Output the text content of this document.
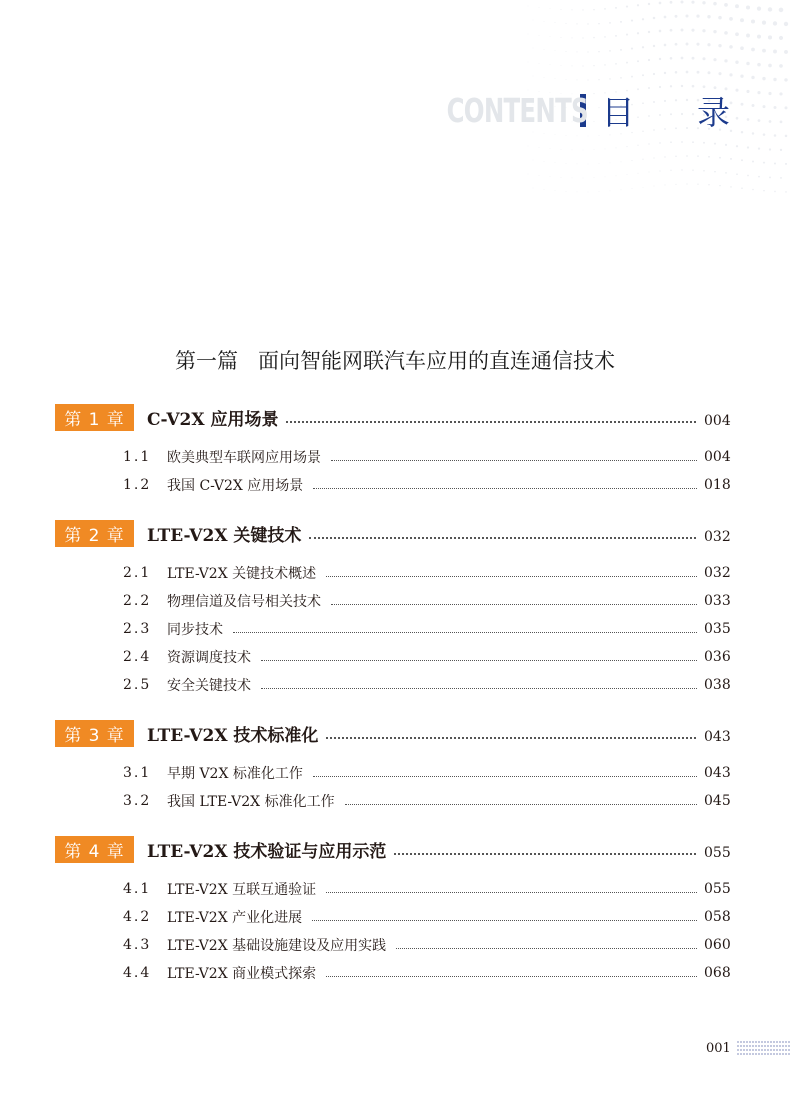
CONTENTS 目 录
第一篇 面向智能网联汽车应用的直连通信技术
第 1 章	C-V2X 应用场景	004
1.1	欧美典型车联网应用场景	004
1.2	我国 C-V2X 应用场景	018
第 2 章	LTE-V2X 关键技术	032
2.1	LTE-V2X 关键技术概述	032
2.2	物理信道及信号相关技术	033
2.3	同步技术	035
2.4	资源调度技术	036
2.5	安全关键技术	038
第 3 章	LTE-V2X 技术标准化	043
3.1	早期 V2X 标准化工作	043
3.2	我国 LTE-V2X 标准化工作	045
第 4 章	LTE-V2X 技术验证与应用示范	055
4.1	LTE-V2X 互联互通验证	055
4.2	LTE-V2X 产业化进展	058
4.3	LTE-V2X 基础设施建设及应用实践	060
4.4	LTE-V2X 商业模式探索	068
001
